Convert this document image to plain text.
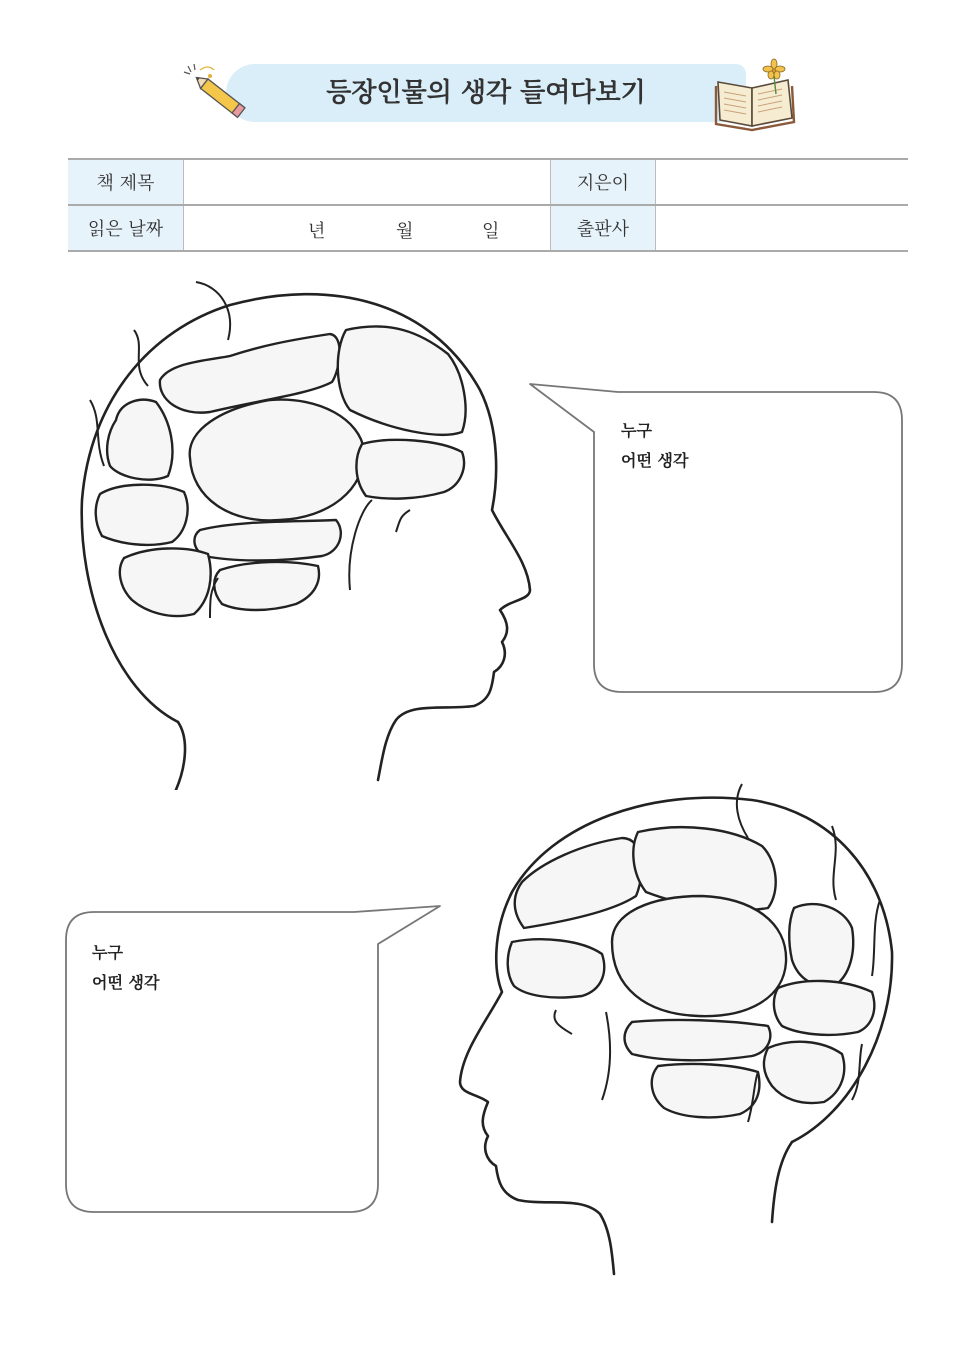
등장인물의 생각 들여다보기
책 제목		지은이	
읽은 날짜	년 월 일	출판사	
누구
어떤 생각
누구
어떤 생각
